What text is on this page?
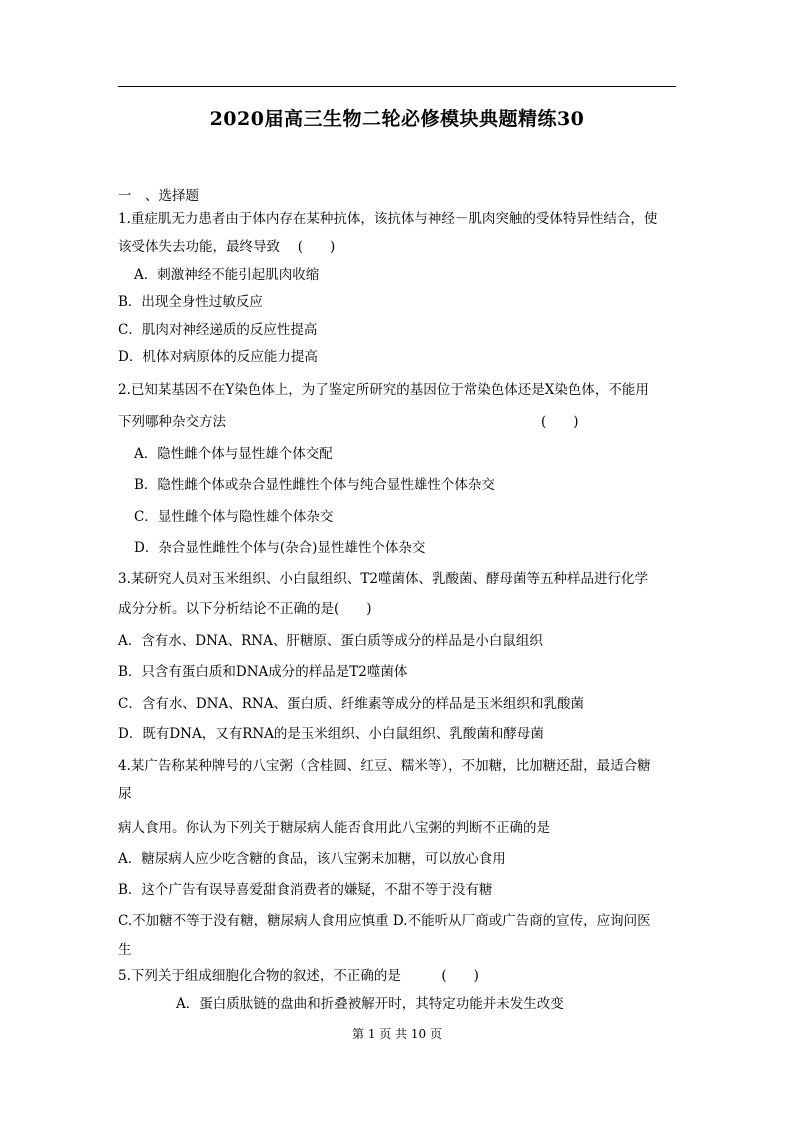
2020届高三生物二轮必修模块典题精练30
一　、选择题
1.重症肌无力患者由于体内存在某种抗体，该抗体与神经－肌肉突触的受体特异性结合，使
该受体失去功能，最终导致　 (　　)
A．刺激神经不能引起肌肉收缩
B．出现全身性过敏反应
C．肌肉对神经递质的反应性提高
D．机体对病原体的反应能力提高
2.已知某基因不在Y染色体上，为了鉴定所研究的基因位于常染色体还是X染色体，不能用
下列哪种杂交方法	(　　)
A．隐性雌个体与显性雄个体交配
B．隐性雌个体或杂合显性雌性个体与纯合显性雄性个体杂交
C．显性雌个体与隐性雄个体杂交
D．杂合显性雌性个体与(杂合)显性雄性个体杂交
3.某研究人员对玉米组织、小白鼠组织、T2噬菌体、乳酸菌、酵母菌等五种样品进行化学
成分分析。以下分析结论不正确的是(　　)
A．含有水、DNA、RNA、肝糖原、蛋白质等成分的样品是小白鼠组织
B．只含有蛋白质和DNA成分的样品是T2噬菌体
C．含有水、DNA、RNA、蛋白质、纤维素等成分的样品是玉米组织和乳酸菌
D．既有DNA，又有RNA的是玉米组织、小白鼠组织、乳酸菌和酵母菌
4.某广告称某种牌号的八宝粥（含桂圆、红豆、糯米等），不加糖，比加糖还甜，最适合糖
尿
病人食用。你认为下列关于糖尿病人能否食用此八宝粥的判断不正确的是
A．糖尿病人应少吃含糖的食品，该八宝粥未加糖，可以放心食用
B．这个广告有误导喜爱甜食消费者的嫌疑，不甜不等于没有糖
C.不加糖不等于没有糖，糖尿病人食用应慎重 D.不能听从厂商或广告商的宣传，应询问医
生
5.下列关于组成细胞化合物的叙述，不正确的是　　　(　　)
A．蛋白质肽链的盘曲和折叠被解开时，其特定功能并未发生改变
第 1 页 共 10 页
